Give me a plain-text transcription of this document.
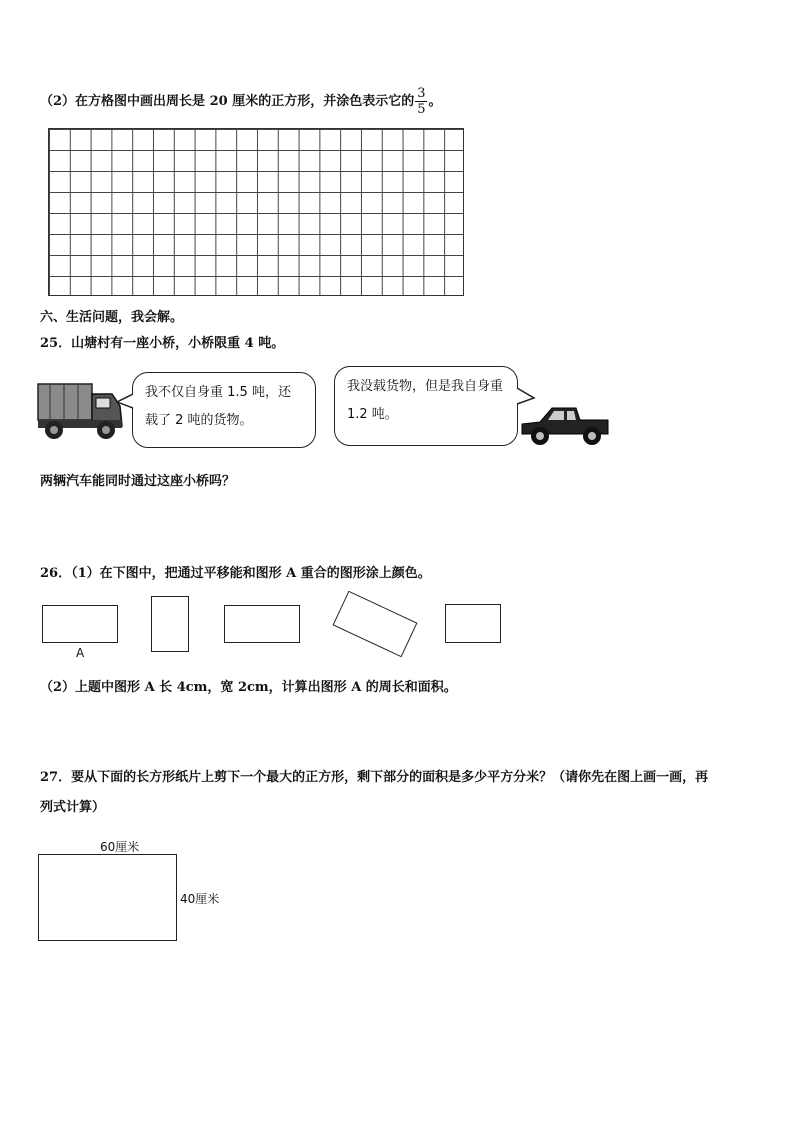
（2）在方格图中画出周长是 20 厘米的正方形，并涂色表示它的 $\frac{3}{5}$ 。
六、生活问题，我会解。
25．山塘村有一座小桥，小桥限重 4 吨。
我不仅自身重 1.5 吨，还载了 2 吨的货物。
我没载货物，但是我自身重 1.2 吨。
两辆汽车能同时通过这座小桥吗？
26．（1）在下图中，把通过平移能和图形 A 重合的图形涂上颜色。
A
（2）上题中图形 A 长 4cm，宽 2cm，计算出图形 A 的周长和面积。
27．要从下面的长方形纸片上剪下一个最大的正方形，剩下部分的面积是多少平方分米？（请你先在图上画一画，再
列式计算）
60厘米
40厘米
